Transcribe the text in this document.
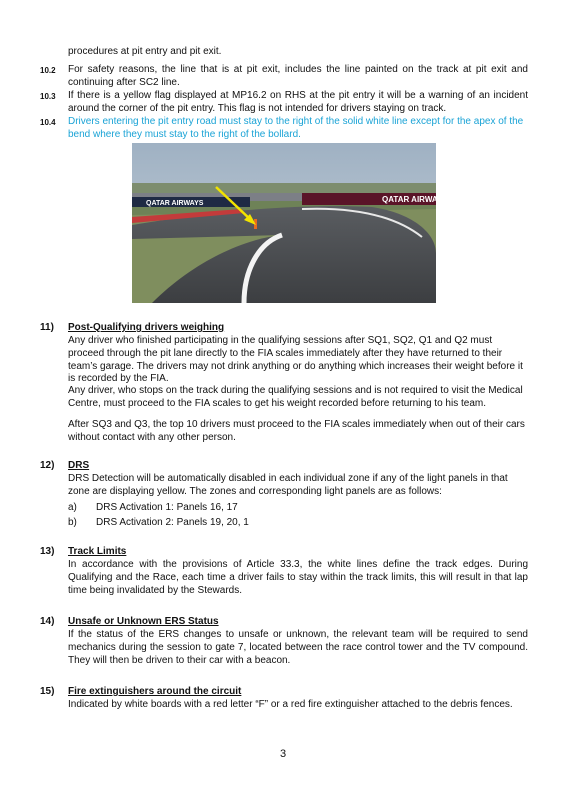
procedures at pit entry and pit exit.

10.2 For safety reasons, the line that is at pit exit, includes the line painted on the track at pit exit and continuing after SC2 line.

10.3 If there is a yellow flag displayed at MP16.2 on RHS at the pit entry it will be a warning of an incident around the corner of the pit entry. This flag is not intended for drivers staying on track.

10.4 Drivers entering the pit entry road must stay to the right of the solid white line except for the apex of the bend where they must stay to the right of the bollard.

QATAR AIRWAYS	QATAR AIRWAYS
11) Post-Qualifying drivers weighing

Any driver who finished participating in the qualifying sessions after SQ1, SQ2, Q1 and Q2 must proceed through the pit lane directly to the FIA scales immediately after they have returned to their team’s garage. The drivers may not drink anything or do anything which increases their weight before it is recorded by the FIA.

Any driver, who stops on the track during the qualifying sessions and is not required to visit the Medical Centre, must proceed to the FIA scales to get his weight recorded before returning to his team.

After SQ3 and Q3, the top 10 drivers must proceed to the FIA scales immediately when out of their cars without contact with any other person.

12) DRS

DRS Detection will be automatically disabled in each individual zone if any of the light panels in that zone are displaying yellow. The zones and corresponding light panels are as follows:

a) DRS Activation 1: Panels 16, 17
b) DRS Activation 2: Panels 19, 20, 1
13) Track Limits

In accordance with the provisions of Article 33.3, the white lines define the track edges. During Qualifying and the Race, each time a driver fails to stay within the track limits, this will result in that lap time being invalidated by the Stewards.

14) Unsafe or Unknown ERS Status

If the status of the ERS changes to unsafe or unknown, the relevant team will be required to send mechanics during the session to gate 7, located between the race control tower and the TV compound. They will then be driven to their car with a beacon.

15) Fire extinguishers around the circuit

Indicated by white boards with a red letter “F” or a red fire extinguisher attached to the debris fences.

3
